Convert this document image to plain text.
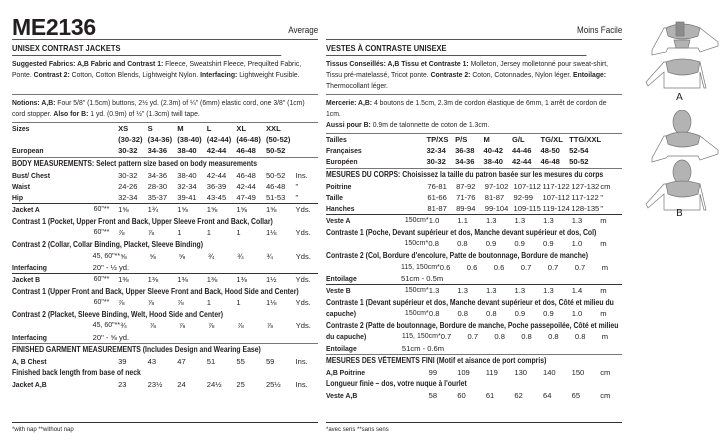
ME2136	Average
UNISEX CONTRAST JACKETS
Suggested Fabrics: A,B Fabric and Contrast 1: Fleece, Sweatshirt Fleece, Prequilted Fabric, Ponte. Contrast 2: Cotton, Cotton Blends, Lightweight Nylon. Interfacing: Lightweight Fusible.
Notions: A,B: Four 5/8" (1.5cm) buttons, 2½ yd. (2.3m) of ¼" (6mm) elastic cord, one 3/8" (1cm) cord stopper. Also for B: 1 yd. (0.9m) of ½" (1.3cm) twill tape.
Sizes		XS	S	M	L	XL	XXL	
		(30-32)	(34-36)	(38-40)	(42-44)	(46-48)	(50-52)	
European		30-32	34-36	38-40	42-44	46-48	50-52	
BODY MEASUREMENTS: Select pattern size based on body measurements
Bust/ Chest		30-32	34-36	38-40	42-44	46-48	50-52	Ins.
Waist		24-26	28-30	32-34	36-39	42-44	46-48	"
Hip		32-34	35-37	39-41	43-45	47-49	51-53	"
Jacket A	60"**	1⅝	1¾	1⅝	1⅝	1⅝	1⅝	Yds.
Contrast 1 (Pocket, Upper Front and Back, Upper Sleeve Front and Back, Collar)
	60"**	⅞	⅞	1	1	1	1⅛	Yds.
Contrast 2 (Collar, Collar Binding, Placket, Sleeve Binding)
	45, 60"**	⅝	⅝	⅝	¾	¾	¾	Yds.
Interfacing	20" - ½ yd.							
Jacket B	60"**	1⅜	1⅜	1⅜	1⅜	1⅜	1½	Yds.
Contrast 1 (Upper Front and Back, Upper Sleeve Front and Back, Hood Side and Center)
	60"**	⅞	⅞	⅞	1	1	1⅛	Yds.
Contrast 2 (Placket, Sleeve Binding, Welt, Hood Side and Center)
	45, 60"**	¾	⅞	⅞	⅞	⅞	⅞	Yds.
Interfacing	20" - ⅝ yd.							
FINISHED GARMENT MEASUREMENTS (Includes Design and Wearing Ease)
A, B Chest		39	43	47	51	55	59	Ins.
Finished back length from base of neck
Jacket A,B		23	23½	24	24½	25	25½	Ins.
*with nap **without nap
Moins Facile
VESTES À CONTRASTE UNISEXE
Tissus Conseillés: A,B Tissu et Contraste 1: Molleton, Jersey molletonné pour sweat-shirt, Tissu pré-matelassé, Tricot ponte. Contraste 2: Coton, Cotonnades, Nylon léger. Entoilage: Thermocollant léger.
Mercerie: A,B: 4 boutons de 1.5cm, 2.3m de cordon élastique de 6mm, 1 arrêt de cordon de 1cm.
Aussi pour B: 0.9m de talonnette de coton de 1.3cm.
Tailles		TP/XS	P/S	M	G/L	TG/XL	TTG/XXL	
Françaises		32-34	36-38	40-42	44-46	48-50	52-54	
Européen		30-32	34-36	38-40	42-44	46-48	50-52	
MESURES DU CORPS: Choisissez la taille du patron basée sur les mesures du corps
Poitrine		76-81	87-92	97-102	107-112	117-122	127-132	cm
Taille		61-66	71-76	81-87	92-99	107-112	117-122	"
Hanches		81-87	89-94	99-104	109-115	119-124	128-135	"
Veste A	150cm*	1.0	1.1	1.3	1.3	1.3	1.3	m
Contraste 1 (Poche, Devant supérieur et dos, Manche devant supérieur et dos, Col)
	150cm*	0.8	0.8	0.9	0.9	0.9	1.0	m
Contraste 2 (Col, Bordure d'encolure, Patte de boutonnage, Bordure de manche)
	115, 150cm*	0.6	0.6	0.6	0.7	0.7	0.7	m
Entoilage	51cm - 0.5m							
Veste B	150cm*	1.3	1.3	1.3	1.3	1.3	1.4	m
Contraste 1 (Devant supérieur et dos, Manche devant supérieur et dos, Côté et milieu du
capuche)	150cm*	0.8	0.8	0.8	0.9	0.9	1.0	m
Contraste 2 (Patte de boutonnage, Bordure de manche, Poche passepoilée, Côté et milieu
du capuche)	115, 150cm*	0.7	0.7	0.8	0.8	0.8	0.8	m
Entoilage	51cm - 0.6m							
MESURES DES VÊTEMENTS FINI (Motif et aisance de port compris)
A,B Poitrine		99	109	119	130	140	150	cm
Longueur finie – dos, votre nuque à l'ourlet
Veste A,B		58	60	61	62	64	65	cm
*avec sens **sans sens
A
B
